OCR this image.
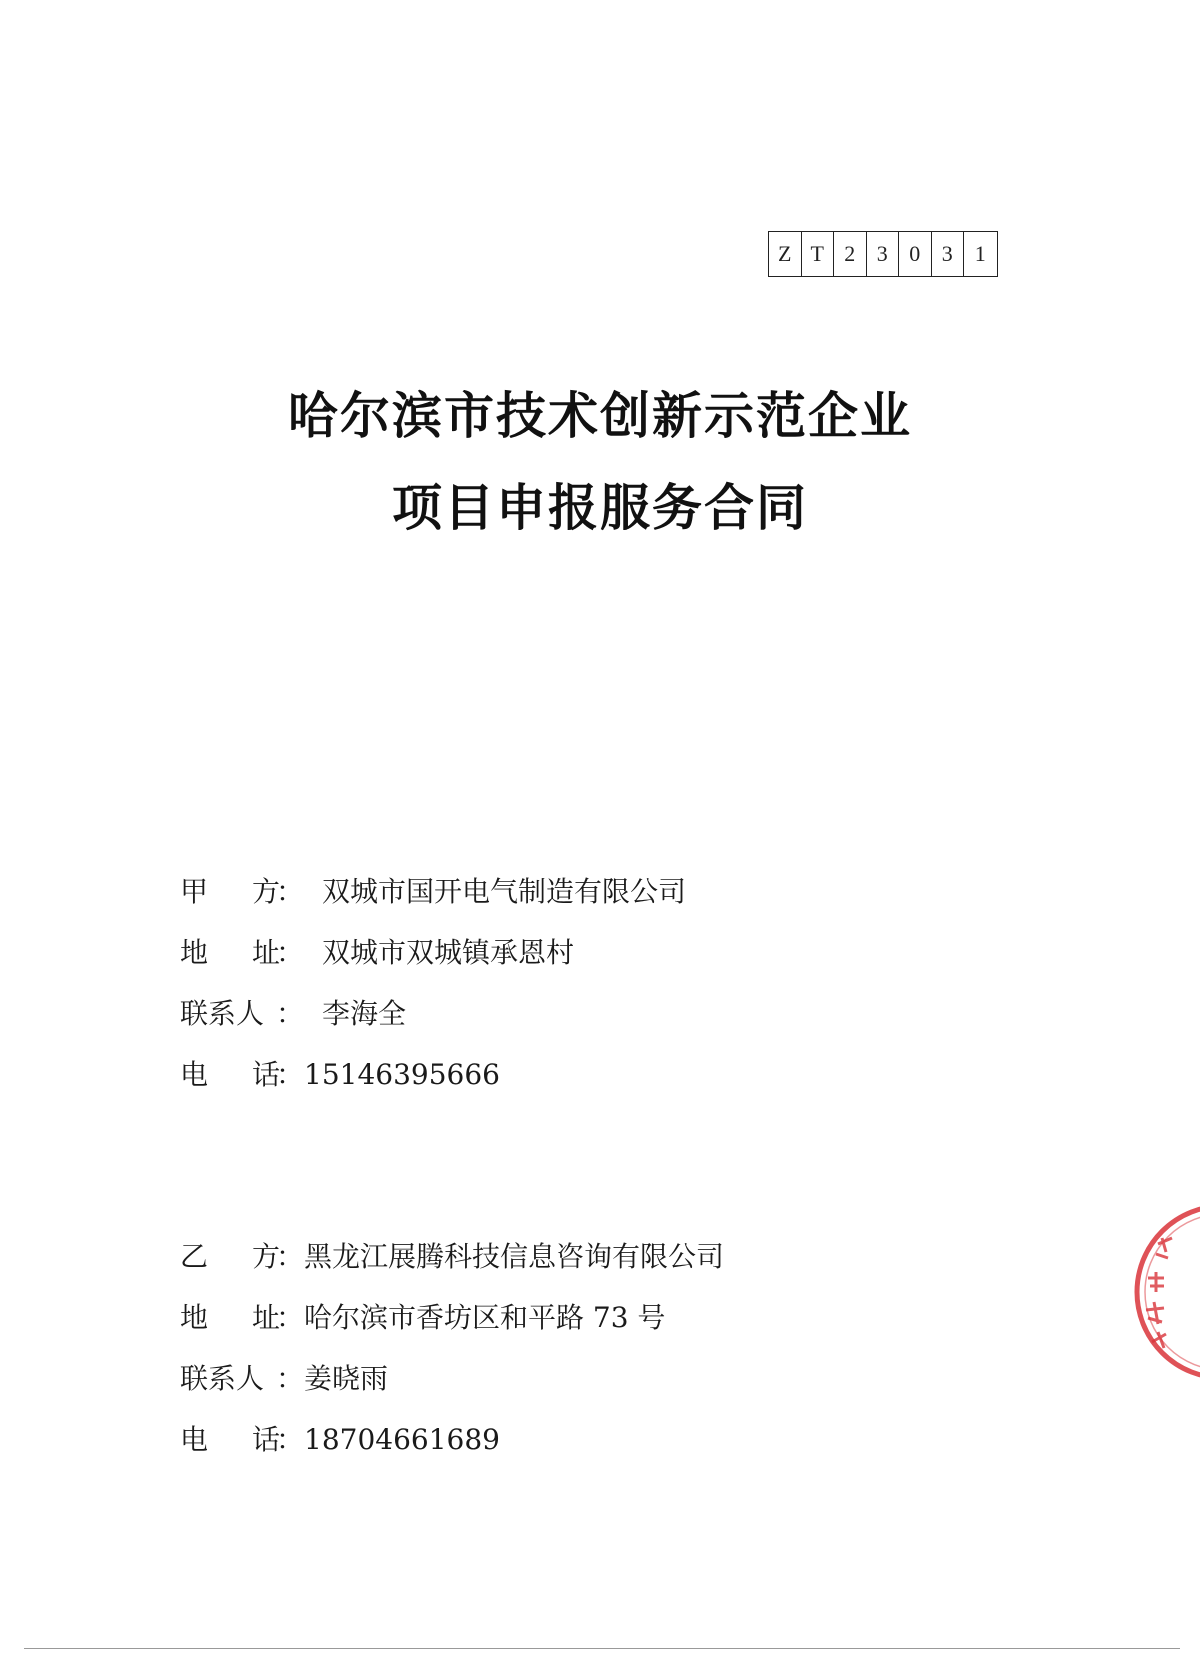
Z T 2 3 0 3	1
哈尔滨市技术创新示范企业
项目申报服务合同
甲 方
： 双城市国开电气制造有限公司
地 址
： 双城市双城镇承恩村
联系人 ： 李海全
电 话
： 15146395666
乙 方
： 黑龙江展腾科技信息咨询有限公司
地 址
： 哈尔滨市香坊区和平路 73 号
联系人 ： 姜晓雨
电 话
： 18704661689
